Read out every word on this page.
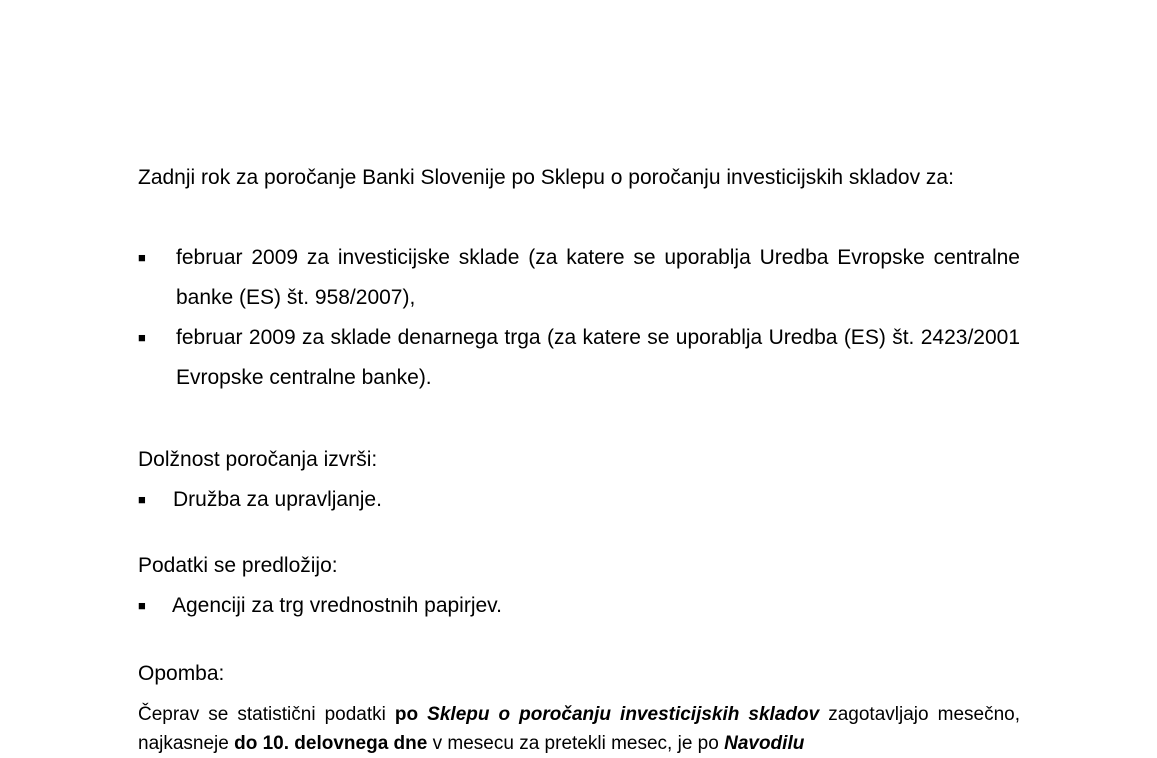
Zadnji rok za poročanje Banki Slovenije po Sklepu o poročanju investicijskih skladov za:
■ februar 2009 za investicijske sklade (za katere se uporablja Uredba Evropske centralne banke (ES) št. 958/2007),
■ februar 2009 za sklade denarnega trga (za katere se uporablja Uredba (ES) št. 2423/2001 Evropske centralne banke).
Dolžnost poročanja izvrši:
■ Družba za upravljanje.
Podatki se predložijo:
■ Agenciji za trg vrednostnih papirjev.
Opomba:
Čeprav se statistični podatki po Sklepu o poročanju investicijskih skladov zagotavljajo mesečno, najkasneje do 10. delovnega dne v mesecu za pretekli mesec, je po Navodilu
